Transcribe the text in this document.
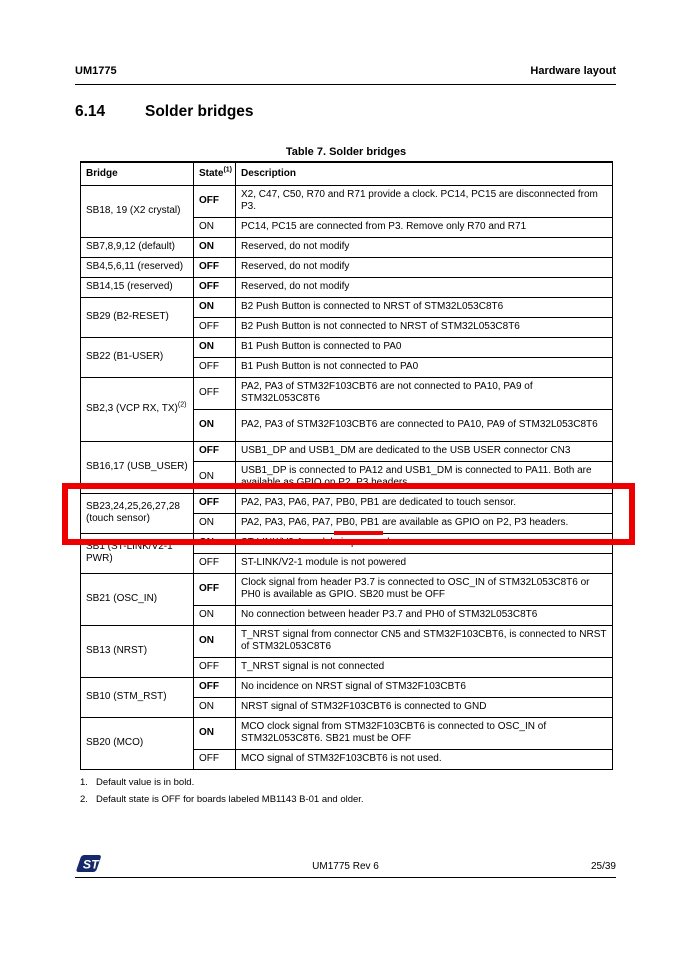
UM1775	Hardware layout
6.14	Solder bridges
Table 7. Solder bridges
Bridge	State$^{(1)}$	Description
SB18, 19 (X2 crystal)	OFF	X2, C47, C50, R70 and R71 provide a clock. PC14, PC15 are disconnected from P3.
	ON	PC14, PC15 are connected from P3. Remove only R70 and R71
SB7,8,9,12 (default)	ON	Reserved, do not modify
SB4,5,6,11 (reserved)	OFF	Reserved, do not modify
SB14,15 (reserved)	OFF	Reserved, do not modify
SB29 (B2-RESET)	ON	B2 Push Button is connected to NRST of STM32L053C8T6
	OFF	B2 Push Button is not connected to NRST of STM32L053C8T6
SB22 (B1-USER)	ON	B1 Push Button is connected to PA0
	OFF	B1 Push Button is not connected to PA0
SB2,3 (VCP RX, TX)$^{(2)}$	OFF	PA2, PA3 of STM32F103CBT6 are not connected to PA10, PA9 of STM32L053C8T6
	ON	PA2, PA3 of STM32F103CBT6 are connected to PA10, PA9 of STM32L053C8T6
SB16,17 (USB_USER)	OFF	USB1_DP and USB1_DM are dedicated to the USB USER connector CN3
	ON	USB1_DP is connected to PA12 and USB1_DM is connected to PA11. Both are available as GPIO on P2, P3 headers.
SB23,24,25,26,27,28 (touch sensor)	OFF	PA2, PA3, PA6, PA7, PB0, PB1 are dedicated to touch sensor.
	ON	PA2, PA3, PA6, PA7, PB0, PB1 are available as GPIO on P2, P3 headers.
SB1 (ST-LINK/V2-1 PWR)	ON	ST-LINK/V2-1 module is powered
	OFF	ST-LINK/V2-1 module is not powered
SB21 (OSC_IN)	OFF	Clock signal from header P3.7 is connected to OSC_IN of STM32L053C8T6 or PH0 is available as GPIO. SB20 must be OFF
	ON	No connection between header P3.7 and PH0 of STM32L053C8T6
SB13 (NRST)	ON	T_NRST signal from connector CN5 and STM32F103CBT6, is connected to NRST of STM32L053C8T6
	OFF	T_NRST signal is not connected
SB10 (STM_RST)	OFF	No incidence on NRST signal of STM32F103CBT6
	ON	NRST signal of STM32F103CBT6 is connected to GND
SB20 (MCO)	ON	MCO clock signal from STM32F103CBT6 is connected to OSC_IN of STM32L053C8T6. SB21 must be OFF
	OFF	MCO signal of STM32F103CBT6 is not used.
1. Default value is in bold.
2. Default state is OFF for boards labeled MB1143 B-01 and older.
ST	UM1775 Rev 6	25/39
